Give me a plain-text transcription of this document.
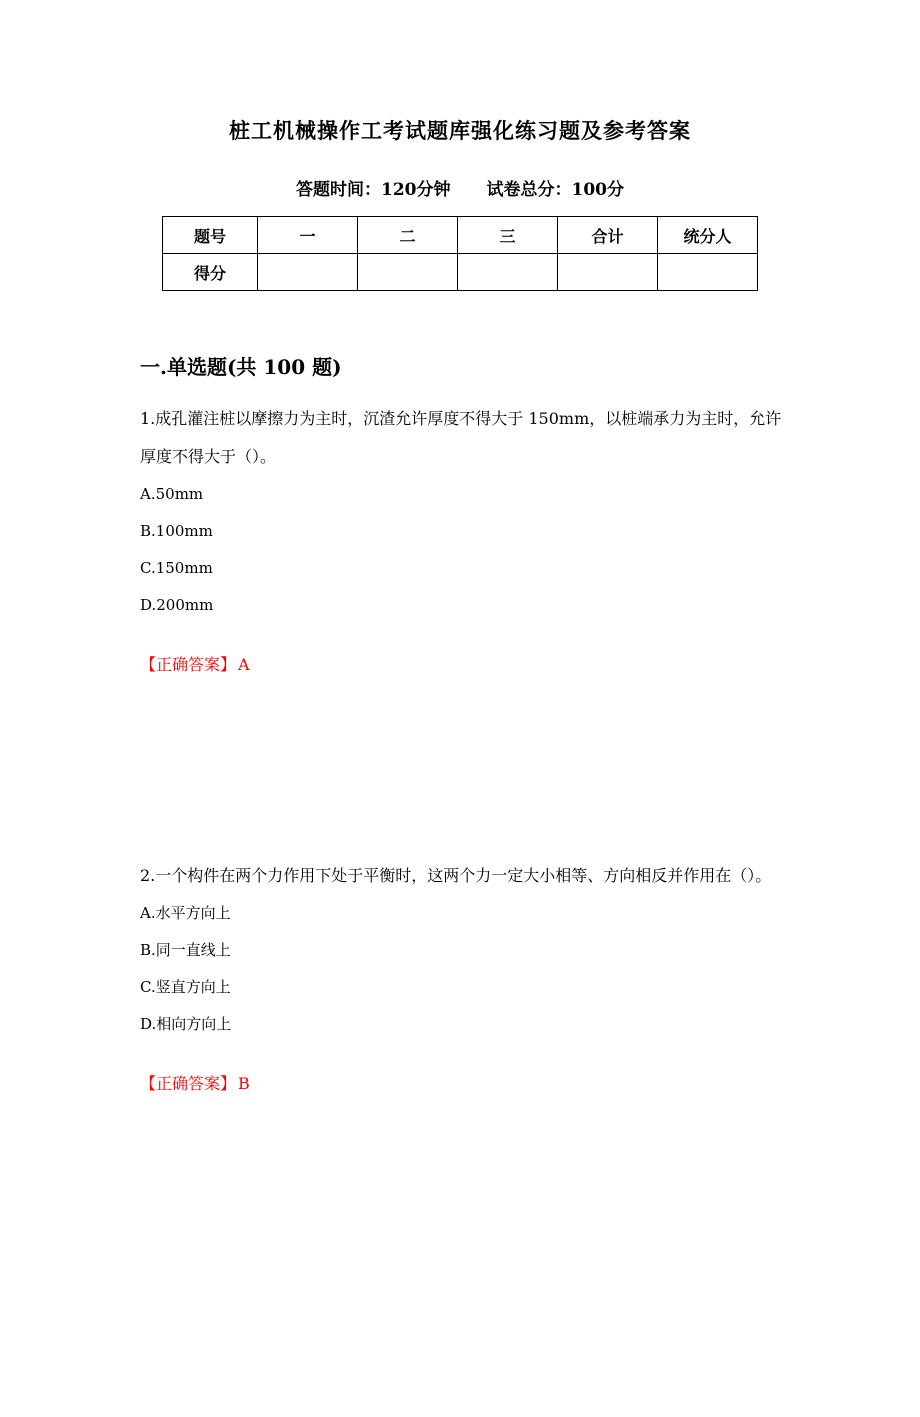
桩工机械操作工考试题库强化练习题及参考答案
答题时间：120分钟 试卷总分：100分
题号	一	二	三	合计	统分人
得分					
一.单选题(共 100 题)
1.成孔灌注桩以摩擦力为主时，沉渣允许厚度不得大于 150mm，以桩端承力为主时，允许厚度不得大于（）。
A.50mm
B.100mm
C.150mm
D.200mm
【正确答案】 A
2.一个构件在两个力作用下处于平衡时，这两个力一定大小相等、方向相反并作用在（）。
A.水平方向上
B.同一直线上
C.竖直方向上
D.相向方向上
【正确答案】 B
